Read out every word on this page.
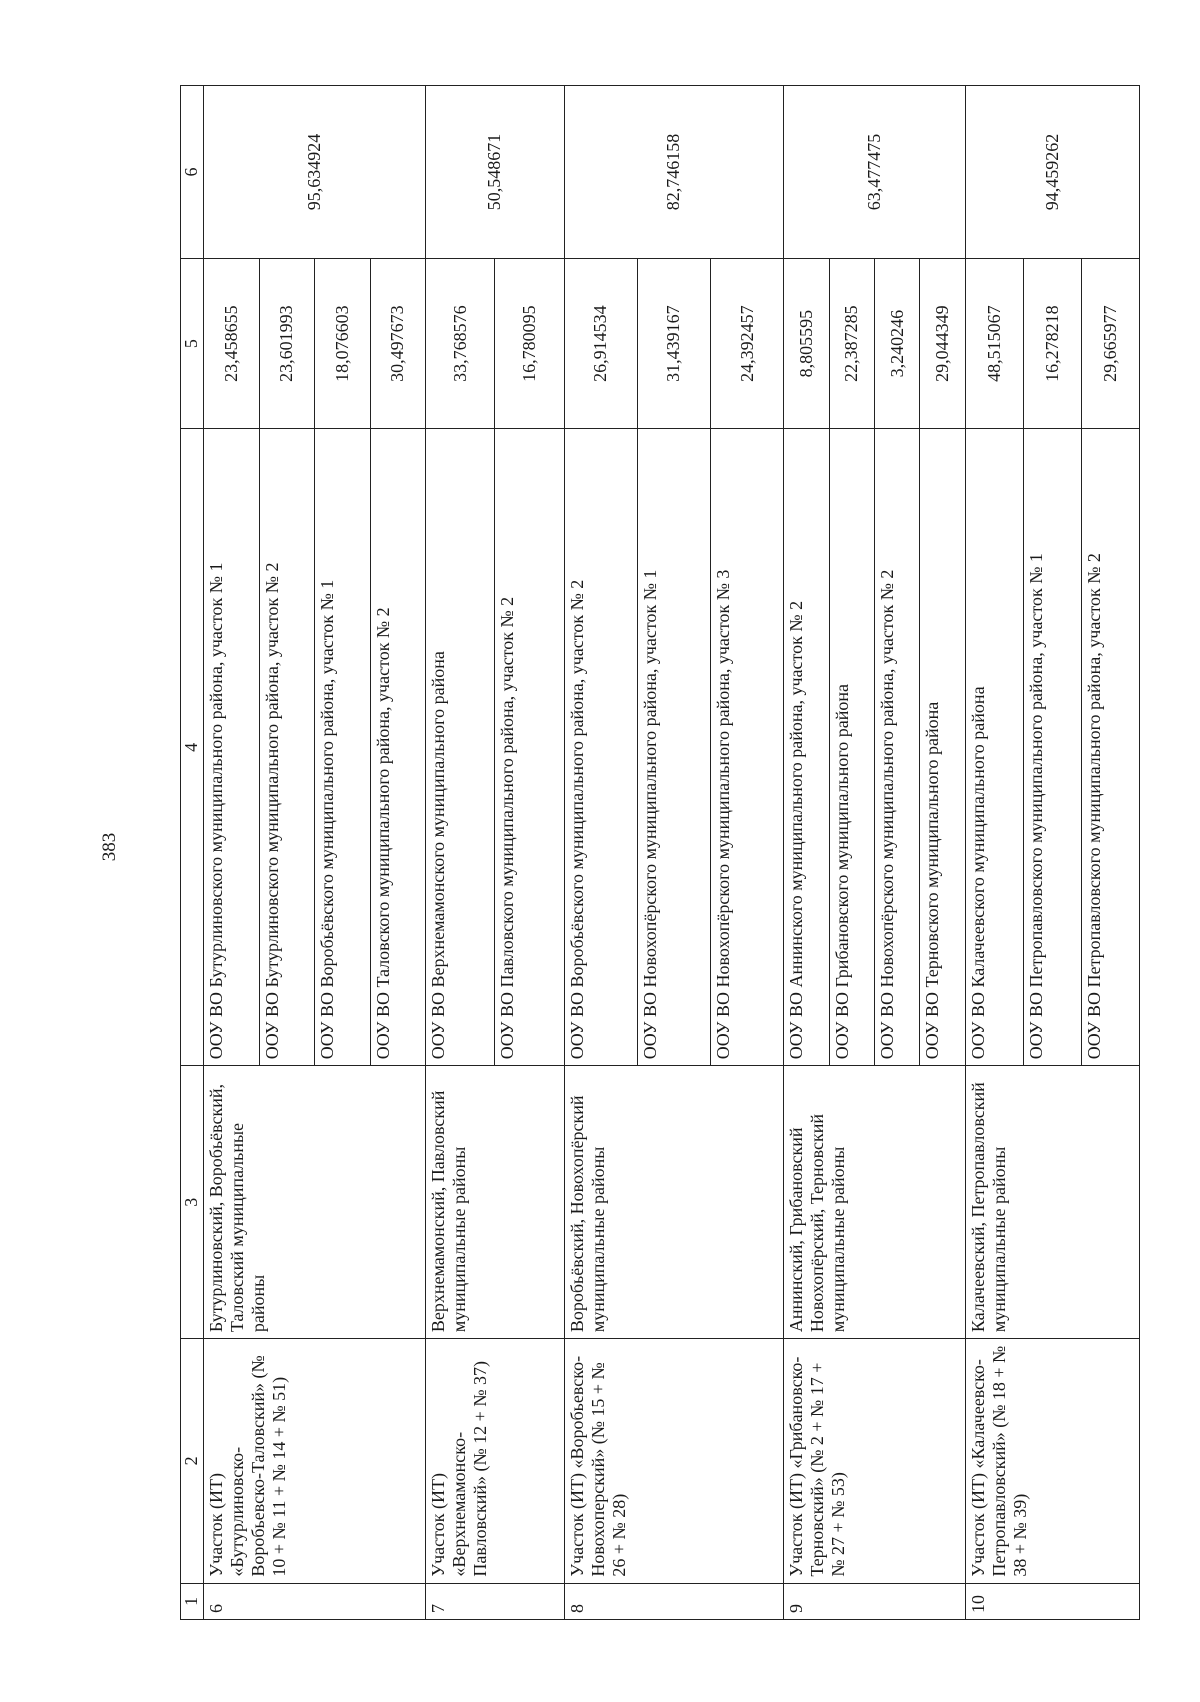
383
1	2	3	4	5	6
6	Участок (ИТ) «Бутурлиновско-Воробьевско-Таловский» (№ 10 + № 11 + № 14 + № 51)	Бутурлиновский, Воробьёвский, Таловский муниципальные районы	ООУ ВО Бутурлиновского муниципального района, участок № 1	23,458655	95,634924
			ООУ ВО Бутурлиновского муниципального района, участок № 2	23,601993	
			ООУ ВО Воробьёвского муниципального района, участок № 1	18,076603	
			ООУ ВО Таловского муниципального района, участок № 2	30,497673	
7	Участок (ИТ) «Верхнемамонско-Павловский» (№ 12 + № 37)	Верхнемамонский, Павловский муниципальные районы	ООУ ВО Верхнемамонского муниципального района	33,768576	50,548671
			ООУ ВО Павловского муниципального района, участок № 2	16,780095	
8	Участок (ИТ) «Воробьевско-Новохоперский» (№ 15 + № 26 + № 28)	Воробьёвский, Новохопёрский муниципальные районы	ООУ ВО Воробьёвского муниципального района, участок № 2	26,914534	82,746158
			ООУ ВО Новохопёрского муниципального района, участок № 1	31,439167	
			ООУ ВО Новохопёрского муниципального района, участок № 3	24,392457	
9	Участок (ИТ) «Грибановско-Терновский» (№ 2 + № 17 + № 27 + № 53)	Аннинский, Грибановский Новохопёрский, Терновский муниципальные районы	ООУ ВО Аннинского муниципального района, участок № 2	8,805595	63,477475
			ООУ ВО Грибановского муниципального района	22,387285	
			ООУ ВО Новохопёрского муниципального района, участок № 2	3,240246	
			ООУ ВО Терновского муниципального района	29,044349	
10	Участок (ИТ) «Калачеевско-Петропавловский» (№ 18 + № 38 + № 39)	Калачеевский, Петропавловский муниципальные районы	ООУ ВО Калачеевского муниципального района	48,515067	94,459262
			ООУ ВО Петропавловского муниципального района, участок № 1	16,278218	
			ООУ ВО Петропавловского муниципального района, участок № 2	29,665977	
